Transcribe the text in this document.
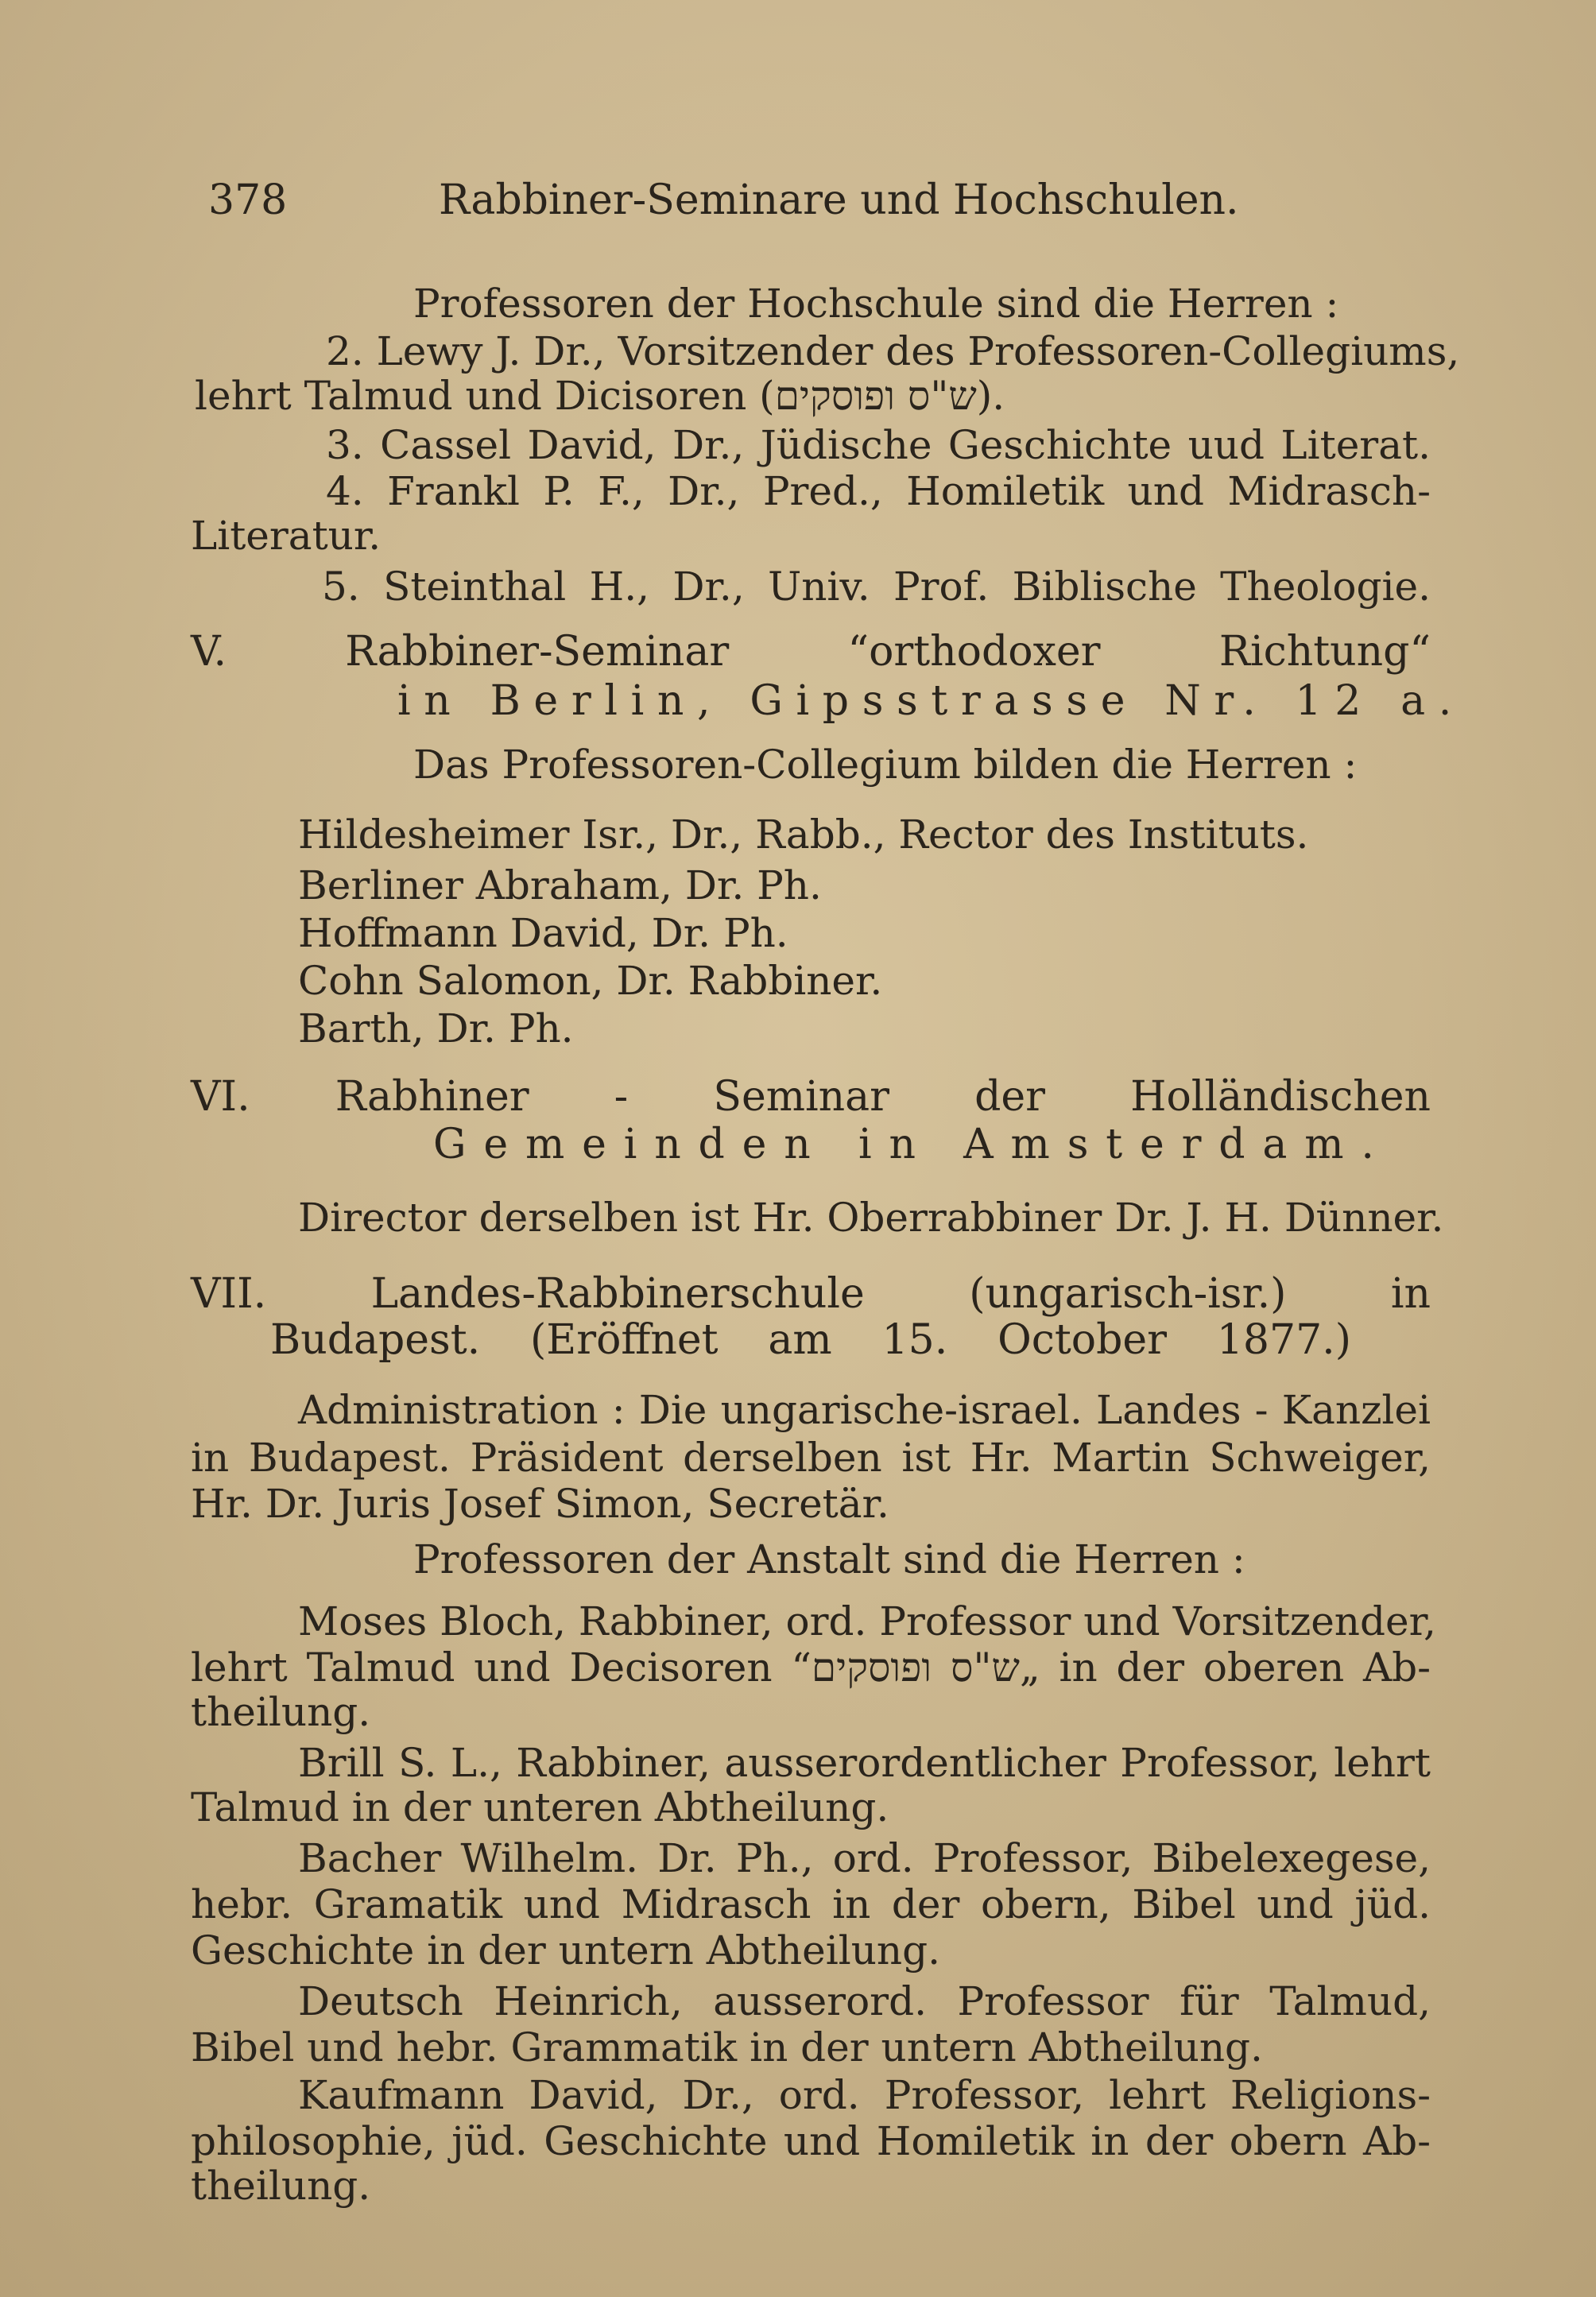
378	Rabbiner-Seminare und Hochschulen.
Professoren der Hochschule sind die Herren :
2. Lewy J. Dr., Vorsitzender des Professoren-Collegiums,
lehrt Talmud und Dicisoren (ש"ס ופוסקים).
3. Cassel David, Dr., Jüdische Geschichte uud Literat.
4. Frankl P. F., Dr., Pred., Homiletik und Midrasch-
Literatur.
5. Steinthal H., Dr., Univ. Prof. Biblische Theologie.
V. Rabbiner-Seminar “orthodoxer Richtung“
in Berlin, Gipsstrasse Nr. 12 a.
Das Professoren-Collegium bilden die Herren :
Hildesheimer Isr., Dr., Rabb., Rector des Instituts.
Berliner Abraham, Dr. Ph.
Hoffmann David, Dr. Ph.
Cohn Salomon, Dr. Rabbiner.
Barth, Dr. Ph.
VI. Rabhiner - Seminar der Holländischen
Gemeinden in Amsterdam.
Director derselben ist Hr. Oberrabbiner Dr. J. H. Dünner.
VII. Landes-Rabbinerschule (ungarisch-isr.) in
Budapest. (Eröffnet am 15. October 1877.)
Administration : Die ungarische-israel. Landes - Kanzlei
in Budapest. Präsident derselben ist Hr. Martin Schweiger,
Hr. Dr. Juris Josef Simon, Secretär.
Professoren der Anstalt sind die Herren :
Moses Bloch, Rabbiner, ord. Professor und Vorsitzender,
lehrt Talmud und Decisoren “ש"ס ופוסקים„ in der oberen Ab-
theilung.
Brill S. L., Rabbiner, ausserordentlicher Professor, lehrt
Talmud in der unteren Abtheilung.
Bacher Wilhelm. Dr. Ph., ord. Professor, Bibelexegese,
hebr. Gramatik und Midrasch in der obern, Bibel und jüd.
Geschichte in der untern Abtheilung.
Deutsch Heinrich, ausserord. Professor für Talmud,
Bibel und hebr. Grammatik in der untern Abtheilung.
Kaufmann David, Dr., ord. Professor, lehrt Religions-
philosophie, jüd. Geschichte und Homiletik in der obern Ab-
theilung.
